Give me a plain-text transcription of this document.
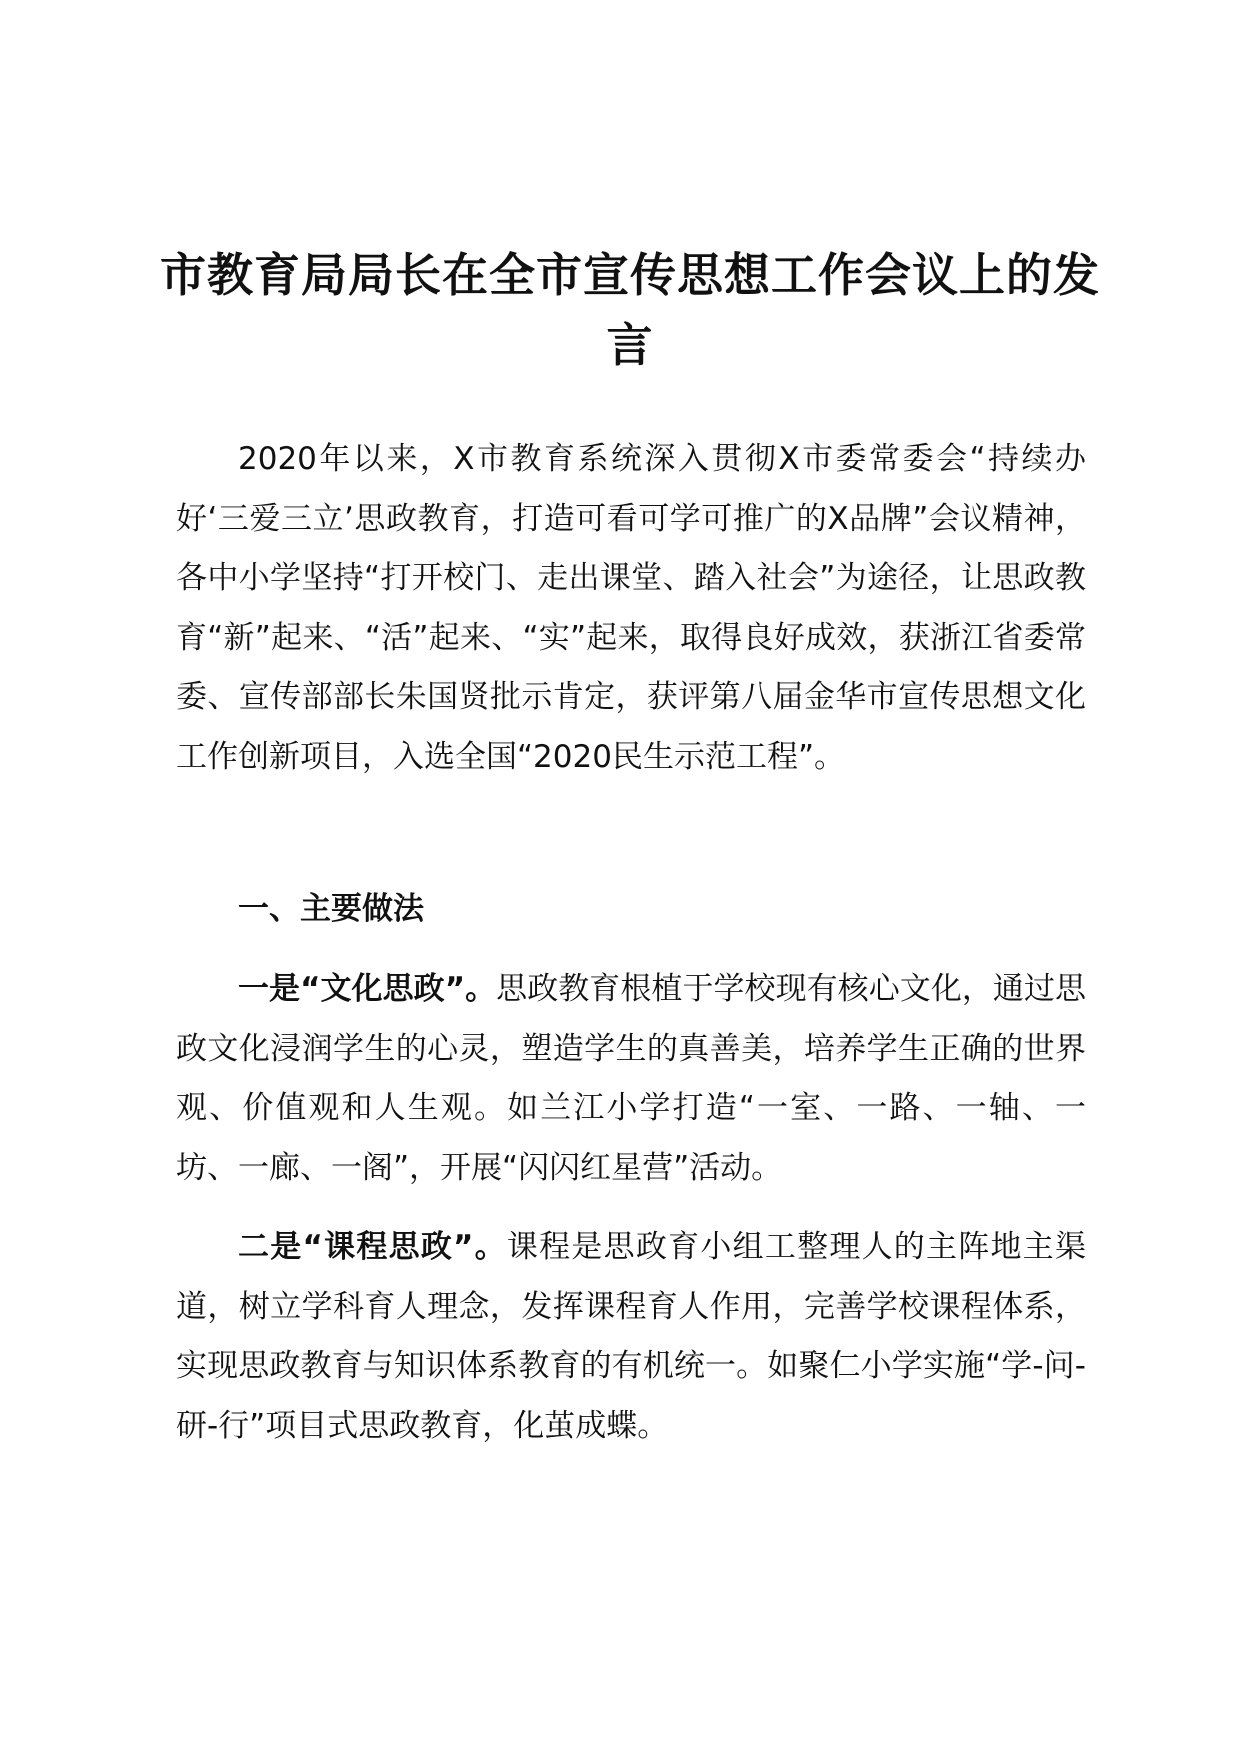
市教育局局长在全市宣传思想工作会议上的发言

2020年以来，X市教育系统深入贯彻X市委常委会“持续办好‘三爱三立’思政教育，打造可看可学可推广的X品牌”会议精神，各中小学坚持“打开校门、走出课堂、踏入社会”为途径，让思政教育“新”起来、“活”起来、“实”起来，取得良好成效，获浙江省委常委、宣传部部长朱国贤批示肯定，获评第八届金华市宣传思想文化工作创新项目，入选全国“2020民生示范工程”。

一、主要做法

一是“文化思政”。思政教育根植于学校现有核心文化，通过思政文化浸润学生的心灵，塑造学生的真善美，培养学生正确的世界观、价值观和人生观。如兰江小学打造“一室、一路、一轴、一坊、一廊、一阁”，开展“闪闪红星营”活动。

二是“课程思政”。课程是思政育小组工整理人的主阵地主渠道，树立学科育人理念，发挥课程育人作用，完善学校课程体系，实现思政教育与知识体系教育的有机统一。如聚仁小学实施“学-问-研-行”项目式思政教育，化茧成蝶。
